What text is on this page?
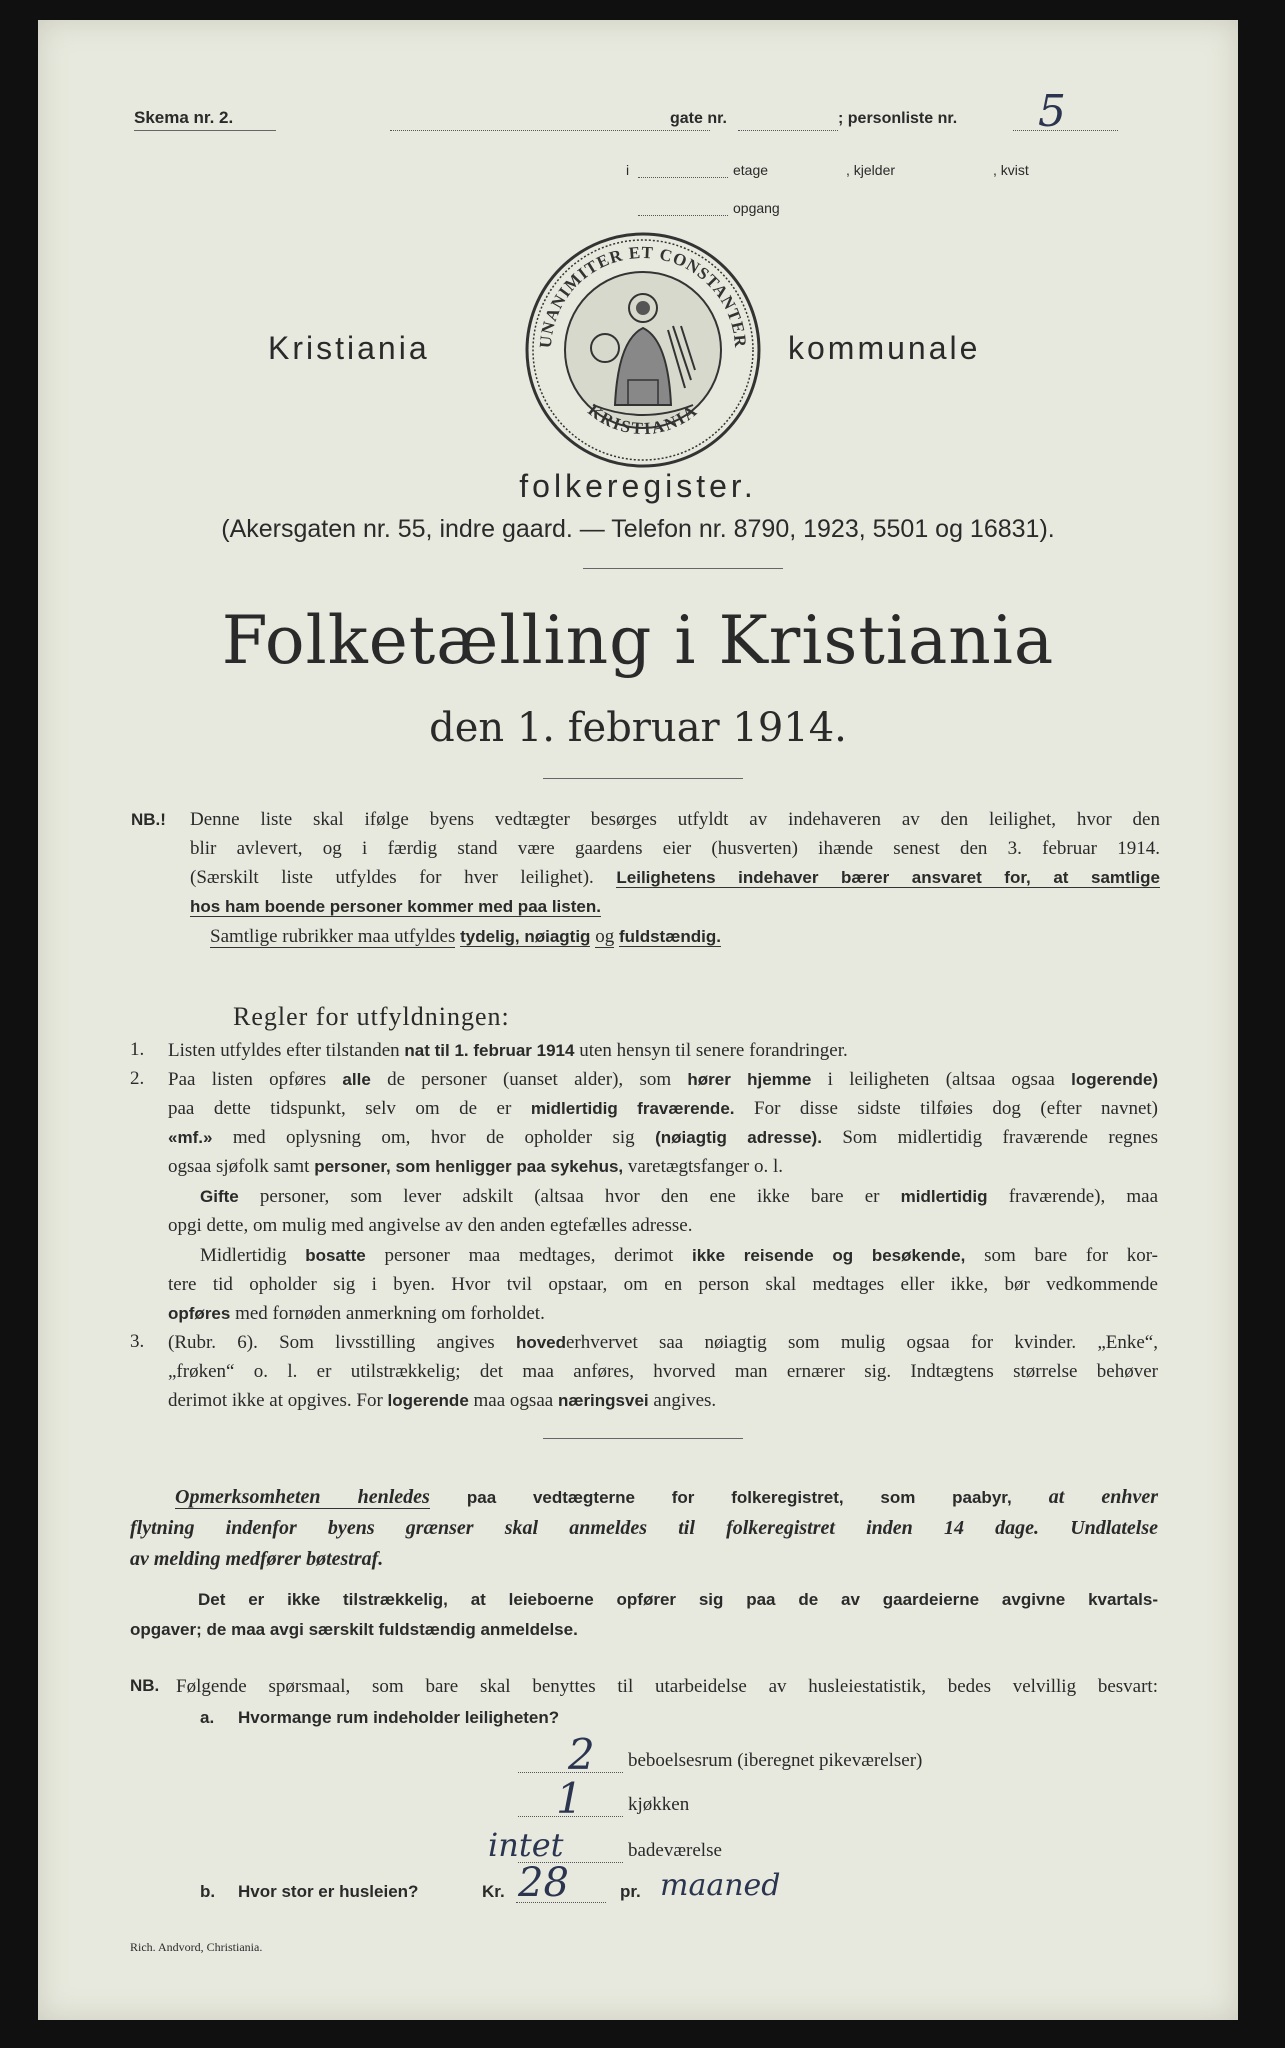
Skema nr. 2.	gate nr.	; personliste nr. 5
i	etage	, kjelder	, kvist
opgang
Kristiania	kommunale
UNANIMITER ET CONSTANTER
KRISTIANIA
folkeregister.
(Akersgaten nr. 55, indre gaard. — Telefon nr. 8790, 1923, 5501 og 16831).
Folketælling i Kristiania
den 1. februar 1914.
NB.! Denne liste skal ifølge byens vedtægter besørges utfyldt av indehaveren av den leilighet, hvor den
blir avlevert, og i færdig stand være gaardens eier (husverten) ihænde senest den 3. februar 1914.
(Særskilt liste utfyldes for hver leilighet). Leilighetens indehaver bærer ansvaret for, at samtlige
hos ham boende personer kommer med paa listen.
Samtlige rubrikker maa utfyldes tydelig, nøiagtig og fuldstændig.
Regler for utfyldningen:
1. Listen utfyldes efter tilstanden nat til 1. februar 1914 uten hensyn til senere forandringer.
2. Paa listen opføres alle de personer (uanset alder), som hører hjemme i leiligheten (altsaa ogsaa logerende)
paa dette tidspunkt, selv om de er midlertidig fraværende. For disse sidste tilføies dog (efter navnet)
«mf.» med oplysning om, hvor de opholder sig (nøiagtig adresse). Som midlertidig fraværende regnes
ogsaa sjøfolk samt personer, som henligger paa sykehus, varetægtsfanger o. l.
Gifte personer, som lever adskilt (altsaa hvor den ene ikke bare er midlertidig fraværende), maa
opgi dette, om mulig med angivelse av den anden egtefælles adresse.
Midlertidig bosatte personer maa medtages, derimot ikke reisende og besøkende, som bare for kor-
tere tid opholder sig i byen. Hvor tvil opstaar, om en person skal medtages eller ikke, bør vedkommende
opføres med fornøden anmerkning om forholdet.
3. (Rubr. 6). Som livsstilling angives hovederhvervet saa nøiagtig som mulig ogsaa for kvinder. „Enke“,
„frøken“ o. l. er utilstrækkelig; det maa anføres, hvorved man ernærer sig. Indtægtens størrelse behøver
derimot ikke at opgives. For logerende maa ogsaa næringsvei angives.
Opmerksomheten henledes paa vedtægterne for folkeregistret, som paabyr, at enhver
flytning indenfor byens grænser skal anmeldes til folkeregistret inden 14 dage. Undlatelse
av melding medfører bøtestraf.
Det er ikke tilstrækkelig, at leieboerne opfører sig paa de av gaardeierne avgivne kvartals-
opgaver; de maa avgi særskilt fuldstændig anmeldelse.
NB. Følgende spørsmaal, som bare skal benyttes til utarbeidelse av husleiestatistik, bedes velvillig besvart:
a. Hvormange rum indeholder leiligheten?
2 beboelsesrum (iberegnet pikeværelser)
1 kjøkken
intet	badeværelse
b. Hvor stor er husleien?	Kr. 28	pr. maaned
Rich. Andvord, Christiania.
